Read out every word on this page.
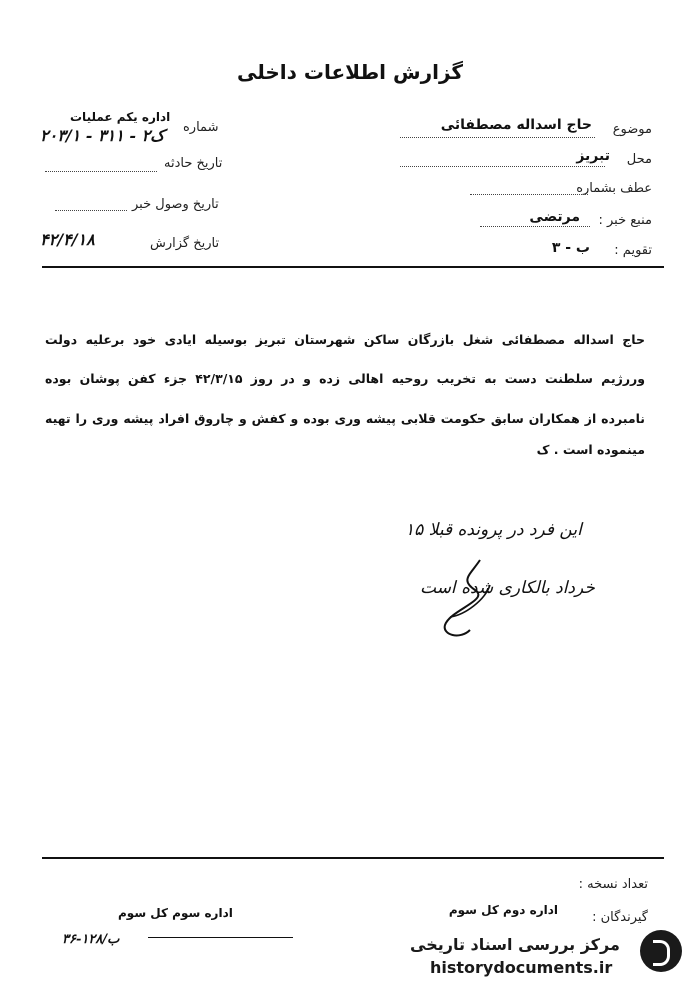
گزارش اطلاعات داخلی
موضوع
حاج اسداله مصطفائی
محل
تبریز
عطف بشماره
منبع خبر :
مرتضی
تقویم :
ب - ۳
شماره
اداره یکم عملیات
۲۰۳/۱ - ۳۱۱ - ۲ک
تاریخ حادثه
تاریخ وصول خبر
تاریخ گزارش
۴۲/۴/۱۸
حاج اسداله مصطفائی شغل بازرگان ساکن شهرستان تبریز بوسیله ایادی خود برعلیه دولت
وررژیم سلطنت دست به تخریب روحیه اهالی زده و در روز ۴۲/۳/۱۵ جزء کفن پوشان بوده
نامبرده از همکاران سابق حکومت قلابی پیشه وری بوده و کفش و چاروق افراد پیشه وری را تهیه
مینموده است . ک
این فرد در پرونده قبلا ۱۵
خرداد بالکاری شده است
تعداد نسخه :
گیرندگان :
اداره دوم کل سوم
اداره سوم کل سوم
۳۶-۱۲۸/ب	مرکز بررسی اسناد تاریخی
historydocuments.ir
